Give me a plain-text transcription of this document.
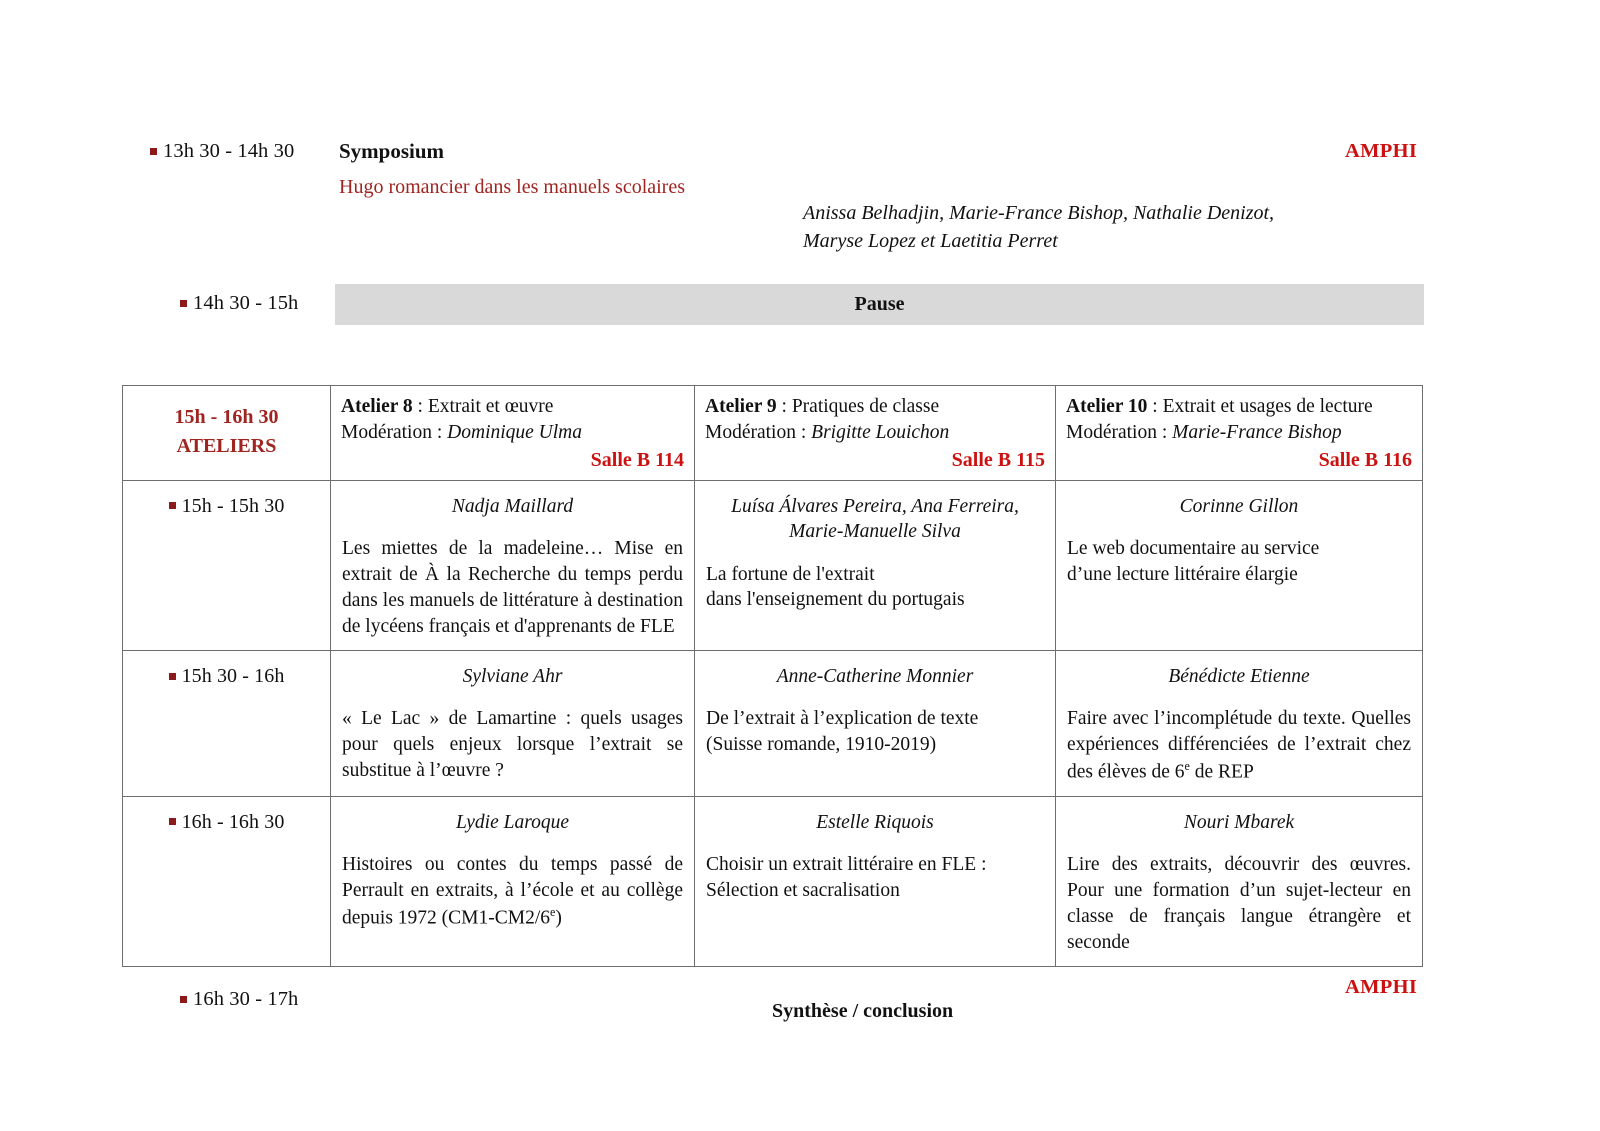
13h 30 - 14h 30 Symposium
Hugo romancier dans les manuels scolaires
Anissa Belhadjin, Marie-France Bishop, Nathalie Denizot,
Maryse Lopez et Laetitia Perret
AMPHI
14h 30 - 15h	Pause
15h - 16h 30
ATELIERS

Atelier 8 : Extrait et œuvre
Modération : Dominique Ulma
Salle B 114

Atelier 9 : Pratiques de classe
Modération : Brigitte Louichon
Salle B 115

Atelier 10 : Extrait et usages de lecture
Modération : Marie-France Bishop
Salle B 116

15h - 15h 30	Nadja Maillard
Les miettes de la madeleine… Mise en extrait de À la Recherche du temps perdu dans les manuels de littérature à destination de lycéens français et d'apprenants de FLE

Luísa Álvares Pereira, Ana Ferreira,
Marie-Manuelle Silva
La fortune de l'extrait
dans l'enseignement du portugais

Corinne Gillon
Le web documentaire au service
d’une lecture littéraire élargie

15h 30 - 16h	Sylviane Ahr
« Le Lac » de Lamartine : quels usages pour quels enjeux lorsque l’extrait se substitue à l’œuvre ?

Anne-Catherine Monnier
De l’extrait à l’explication de texte
(Suisse romande, 1910-2019)

Bénédicte Etienne
Faire avec l’incomplétude du texte. Quelles expériences différenciées de l’extrait chez des élèves de 6e de REP

16h - 16h 30	Lydie Laroque
Histoires ou contes du temps passé de Perrault en extraits, à l’école et au collège depuis 1972 (CM1-CM2/6e)

Estelle Riquois
Choisir un extrait littéraire en FLE :
Sélection et sacralisation

Nouri Mbarek
Lire des extraits, découvrir des œuvres. Pour une formation d’un sujet-lecteur en classe de français langue étrangère et seconde
16h 30 - 17h
Synthèse / conclusion
AMPHI
